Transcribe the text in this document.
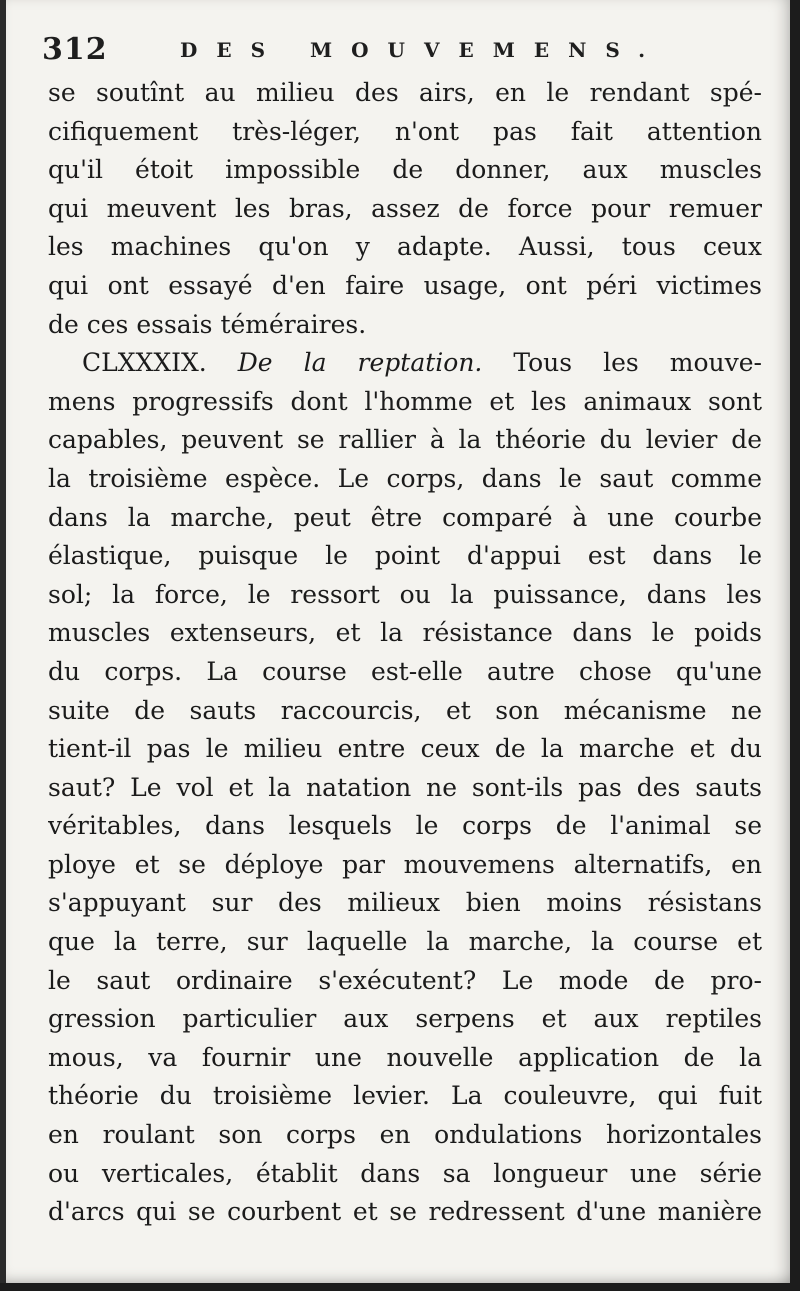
312	DES MOUVEMENS.
se soutînt au milieu des airs, en le rendant spé-
cifiquement très-léger, n'ont pas fait attention
qu'il étoit impossible de donner, aux muscles
qui meuvent les bras, assez de force pour remuer
les machines qu'on y adapte. Aussi, tous ceux
qui ont essayé d'en faire usage, ont péri victimes
de ces essais téméraires.
CLXXXIX. De la reptation. Tous les mouve-
mens progressifs dont l'homme et les animaux sont
capables, peuvent se rallier à la théorie du levier de
la troisième espèce. Le corps, dans le saut comme
dans la marche, peut être comparé à une courbe
élastique, puisque le point d'appui est dans le
sol; la force, le ressort ou la puissance, dans les
muscles extenseurs, et la résistance dans le poids
du corps. La course est-elle autre chose qu'une
suite de sauts raccourcis, et son mécanisme ne
tient-il pas le milieu entre ceux de la marche et du
saut? Le vol et la natation ne sont-ils pas des sauts
véritables, dans lesquels le corps de l'animal se
ploye et se déploye par mouvemens alternatifs, en
s'appuyant sur des milieux bien moins résistans
que la terre, sur laquelle la marche, la course et
le saut ordinaire s'exécutent? Le mode de pro-
gression particulier aux serpens et aux reptiles
mous, va fournir une nouvelle application de la
théorie du troisième levier. La couleuvre, qui fuit
en roulant son corps en ondulations horizontales
ou verticales, établit dans sa longueur une série
d'arcs qui se courbent et se redressent d'une manière
